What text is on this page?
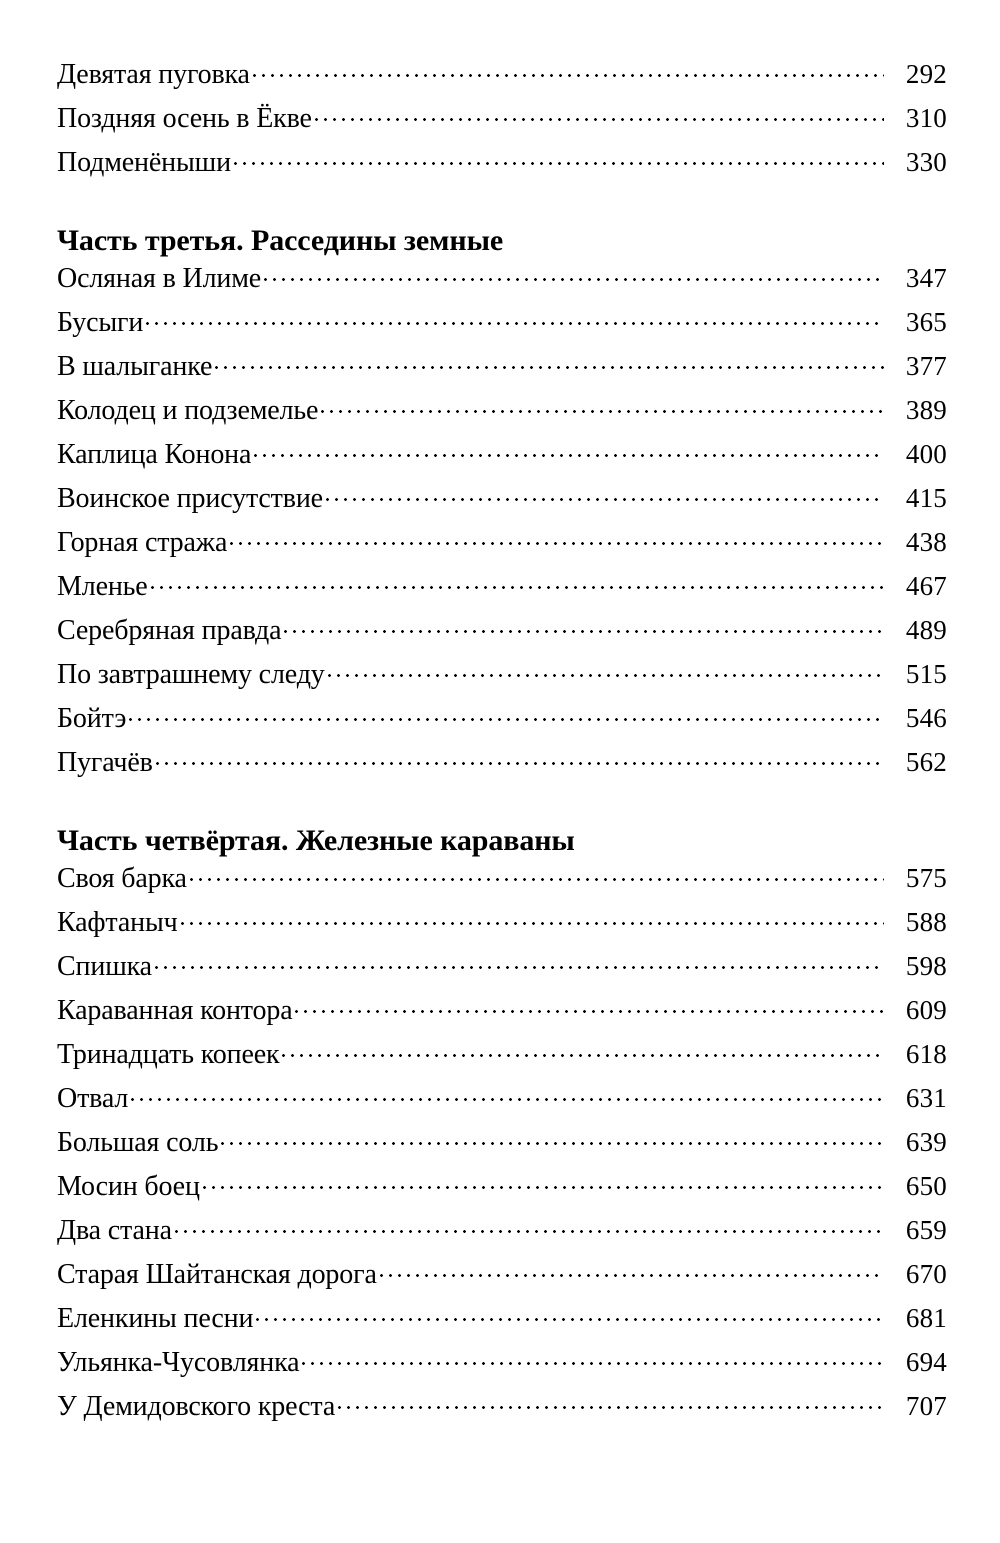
Девятая пуговка	292
Поздняя осень в Ёкве	310
Подменёныши	330
Часть третья. Расседины земные
Осляная в Илиме	347
Бусыги	365
В шалыганке	377
Колодец и подземелье	389
Каплица Конона	400
Воинское присутствие	415
Горная стража	438
Мленье	467
Серебряная правда	489
По завтрашнему следу	515
Бойтэ	546
Пугачёв	562
Часть четвёртая. Железные караваны
Своя барка	575
Кафтаныч	588
Спишка	598
Караванная контора	609
Тринадцать копеек	618
Отвал	631
Большая соль	639
Мосин боец	650
Два стана	659
Старая Шайтанская дорога	670
Еленкины песни	681
Ульянка-Чусовлянка	694
У Демидовского креста	707
